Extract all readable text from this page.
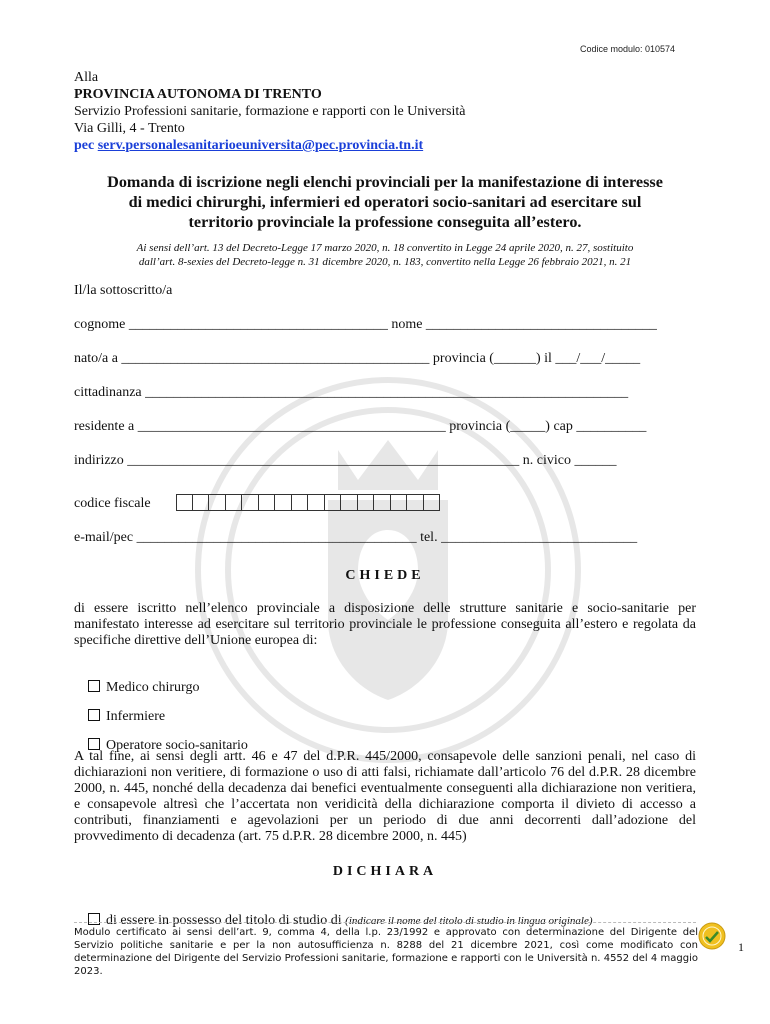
Codice modulo: 010574
Alla
PROVINCIA AUTONOMA DI TRENTO
Servizio Professioni sanitarie, formazione e rapporti con le Università
Via Gilli, 4 - Trento
pec serv.personalesanitarioeuniversita@pec.provincia.tn.it
Domanda di iscrizione negli elenchi provinciali per la manifestazione di interesse
di medici chirurghi, infermieri ed operatori socio-sanitari ad esercitare sul
territorio provinciale la professione conseguita all’estero.
Ai sensi dell’art. 13 del Decreto-Legge 17 marzo 2020, n. 18 convertito in Legge 24 aprile 2020, n. 27, sostituito
dall’art. 8-sexies del Decreto-legge n. 31 dicembre 2020, n. 183, convertito nella Legge 26 febbraio 2021, n. 21
Il/la sottoscritto/a
cognome _____________________________________ nome _________________________________
nato/a a ____________________________________________ provincia (______) il ___/___/_____
cittadinanza _____________________________________________________________________
residente a ____________________________________________ provincia (_____) cap __________
indirizzo ________________________________________________________ n. civico ______
codice fiscale
e-mail/pec ________________________________________ tel. ____________________________
CHIEDE
di essere iscritto nell’elenco provinciale a disposizione delle strutture sanitarie e socio-sanitarie per manifestato interesse ad esercitare sul territorio provinciale le professione conseguita all’estero e regolata da specifiche direttive dell’Unione europea di:

Medico chirurgo

Infermiere

Operatore socio-sanitario

A tal fine, ai sensi degli artt. 46 e 47 del d.P.R. 445/2000, consapevole delle sanzioni penali, nel caso di dichiarazioni non veritiere, di formazione o uso di atti falsi, richiamate dall’articolo 76 del d.P.R. 28 dicembre 2000, n. 445, nonché della decadenza dai benefici eventualmente conseguenti alla dichiarazione non veritiera, e consapevole altresì che l’accertata non veridicità della dichiarazione comporta il divieto di accesso a contributi, finanziamenti e agevolazioni per un periodo di due anni decorrenti dall’adozione del provvedimento di decadenza (art. 75 d.P.R. 28 dicembre 2000, n. 445)
DICHIARA

di essere in possesso del titolo di studio di (indicare il nome del titolo di studio in lingua originale)

Modulo certificato ai sensi dell’art. 9, comma 4, della l.p. 23/1992 e approvato con determinazione del Dirigente del Servizio politiche sanitarie e per la non autosufficienza n. 8288 del 21 dicembre 2021, così come modificato con determinazione del Dirigente del Servizio Professioni sanitarie, formazione e rapporti con le Università n. 4552 del 4 maggio 2023.
1
